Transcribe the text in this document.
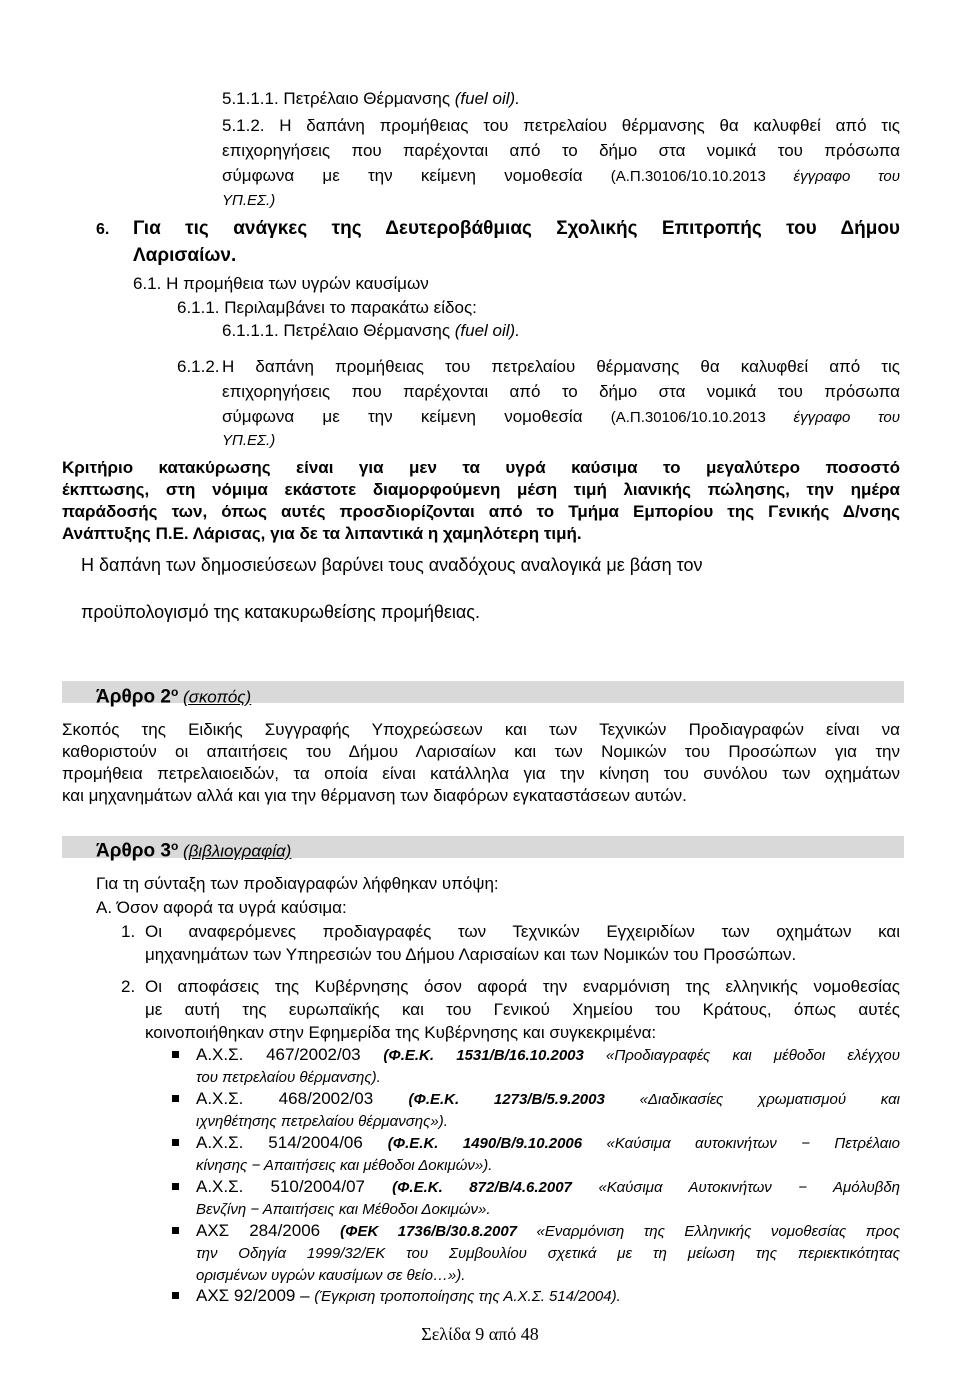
5.1.1.1. Πετρέλαιο Θέρμανσης (fuel oil).
5.1.2. Η δαπάνη προμήθειας του πετρελαίου θέρμανσης θα καλυφθεί από τις
επιχορηγήσεις που παρέχονται από το δήμο στα νομικά του πρόσωπα
σύμφωνα με την κείμενη νομοθεσία (Α.Π.30106/10.10.2013 έγγραφο του
ΥΠ.ΕΣ.)
6. Για τις ανάγκες της Δευτεροβάθμιας Σχολικής Επιτροπής του Δήμου
Λαρισαίων.
6.1. Η προμήθεια των υγρών καυσίμων
6.1.1. Περιλαμβάνει το παρακάτω είδος:
6.1.1.1. Πετρέλαιο Θέρμανσης (fuel oil).
6.1.2. Η δαπάνη προμήθειας του πετρελαίου θέρμανσης θα καλυφθεί από τις
επιχορηγήσεις που παρέχονται από το δήμο στα νομικά του πρόσωπα
σύμφωνα με την κείμενη νομοθεσία (Α.Π.30106/10.10.2013 έγγραφο του
ΥΠ.ΕΣ.)
Κριτήριο κατακύρωσης είναι για μεν τα υγρά καύσιμα το μεγαλύτερο ποσοστό
έκπτωσης, στη νόμιμα εκάστοτε διαμορφούμενη μέση τιμή λιανικής πώλησης, την ημέρα
παράδοσής των, όπως αυτές προσδιορίζονται από το Τμήμα Εμπορίου της Γενικής Δ/νσης
Ανάπτυξης Π.Ε. Λάρισας, για δε τα λιπαντικά η χαμηλότερη τιμή.
Η δαπάνη των δημοσιεύσεων βαρύνει τους αναδόχους αναλογικά με βάση τον
προϋπολογισμό της κατακυρωθείσης προμήθειας.
Άρθρο $2^o$ (σκοπός)
Σκοπός της Ειδικής Συγγραφής Υποχρεώσεων και των Τεχνικών Προδιαγραφών είναι να
καθοριστούν οι απαιτήσεις του Δήμου Λαρισαίων και των Νομικών του Προσώπων για την
προμήθεια πετρελαιοειδών, τα οποία είναι κατάλληλα για την κίνηση του συνόλου των οχημάτων
και μηχανημάτων αλλά και για την θέρμανση των διαφόρων εγκαταστάσεων αυτών.
Άρθρο $3^o$ (βιβλιογραφία)
Για τη σύνταξη των προδιαγραφών λήφθηκαν υπόψη:
Α. Όσον αφορά τα υγρά καύσιμα:
1. Οι αναφερόμενες προδιαγραφές των Τεχνικών Εγχειριδίων των οχημάτων και
μηχανημάτων των Υπηρεσιών του Δήμου Λαρισαίων και των Νομικών του Προσώπων.
2. Οι αποφάσεις της Κυβέρνησης όσον αφορά την εναρμόνιση της ελληνικής νομοθεσίας
με αυτή της ευρωπαϊκής και του Γενικού Χημείου του Κράτους, όπως αυτές
κοινοποιήθηκαν στην Εφημερίδα της Κυβέρνησης και συγκεκριμένα:
Α.Χ.Σ. 467/2002/03 (Φ.Ε.Κ. 1531/Β/16.10.2003 «Προδιαγραφές και μέθοδοι ελέγχου
του πετρελαίου θέρμανσης).
Α.Χ.Σ. 468/2002/03 (Φ.Ε.Κ. 1273/Β/5.9.2003 «Διαδικασίες χρωματισμού και
ιχνηθέτησης πετρελαίου θέρμανσης»).
Α.Χ.Σ. 514/2004/06 (Φ.Ε.Κ. 1490/Β/9.10.2006 «Καύσιμα αυτοκινήτων − Πετρέλαιο
κίνησης − Απαιτήσεις και μέθοδοι Δοκιμών»).
Α.Χ.Σ. 510/2004/07 (Φ.Ε.Κ. 872/Β/4.6.2007 «Καύσιμα Αυτοκινήτων − Αμόλυβδη
Βενζίνη − Απαιτήσεις και Μέθοδοι Δοκιμών».
ΑΧΣ 284/2006 (ΦΕΚ 1736/Β/30.8.2007 «Εναρμόνιση της Ελληνικής νομοθεσίας προς
την Οδηγία 1999/32/ΕΚ του Συμβουλίου σχετικά με τη μείωση της περιεκτικότητας
ορισμένων υγρών καυσίμων σε θείο…»).
ΑΧΣ 92/2009 – (Έγκριση τροποποίησης της Α.Χ.Σ. 514/2004).
Σελίδα 9 από 48
